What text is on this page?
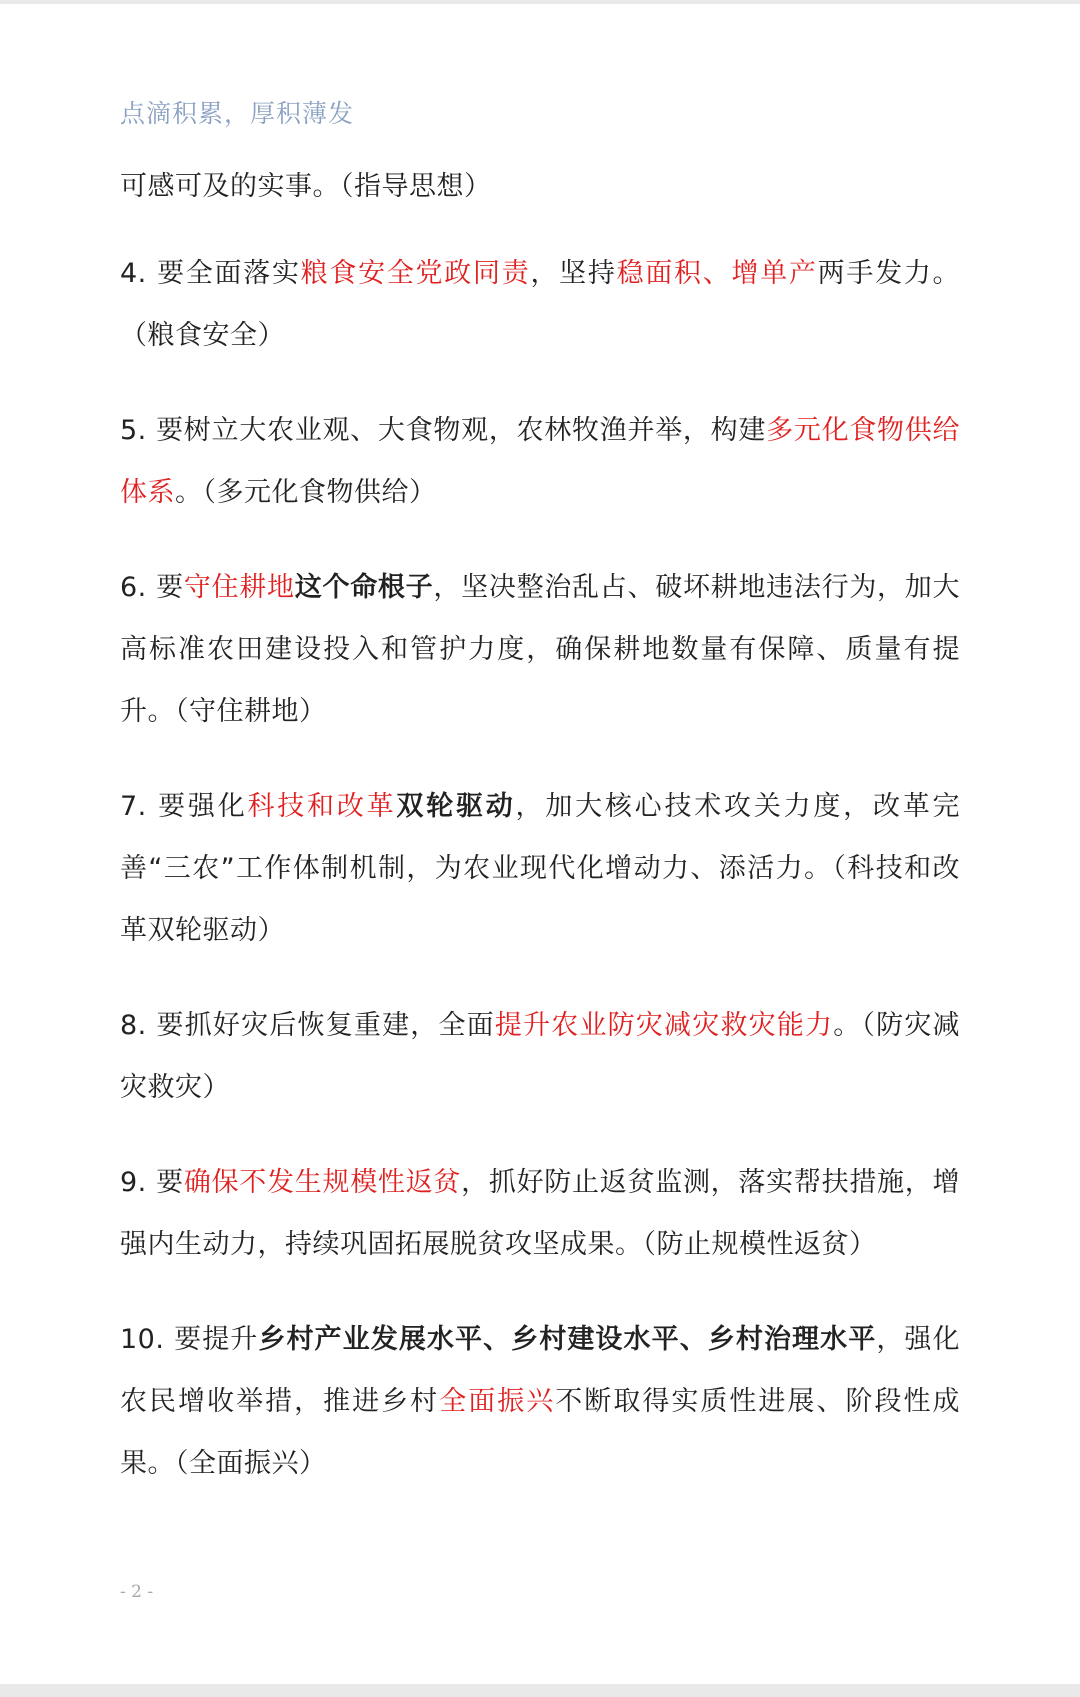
点滴积累，厚积薄发

可感可及的实事。（指导思想）

4. 要全面落实粮食安全党政同责，坚持稳面积、增单产两手发力。（粮食安全）

5. 要树立大农业观、大食物观，农林牧渔并举，构建多元化食物供给体系。（多元化食物供给）

6. 要守住耕地这个命根子，坚决整治乱占、破坏耕地违法行为，加大高标准农田建设投入和管护力度，确保耕地数量有保障、质量有提升。（守住耕地）

7. 要强化科技和改革双轮驱动，加大核心技术攻关力度，改革完善“三农”工作体制机制，为农业现代化增动力、添活力。（科技和改革双轮驱动）

8. 要抓好灾后恢复重建，全面提升农业防灾减灾救灾能力。（防灾减灾救灾）

9. 要确保不发生规模性返贫，抓好防止返贫监测，落实帮扶措施，增强内生动力，持续巩固拓展脱贫攻坚成果。（防止规模性返贫）

10. 要提升乡村产业发展水平、乡村建设水平、乡村治理水平，强化农民增收举措，推进乡村全面振兴不断取得实质性进展、阶段性成果。（全面振兴）

- 2 -
